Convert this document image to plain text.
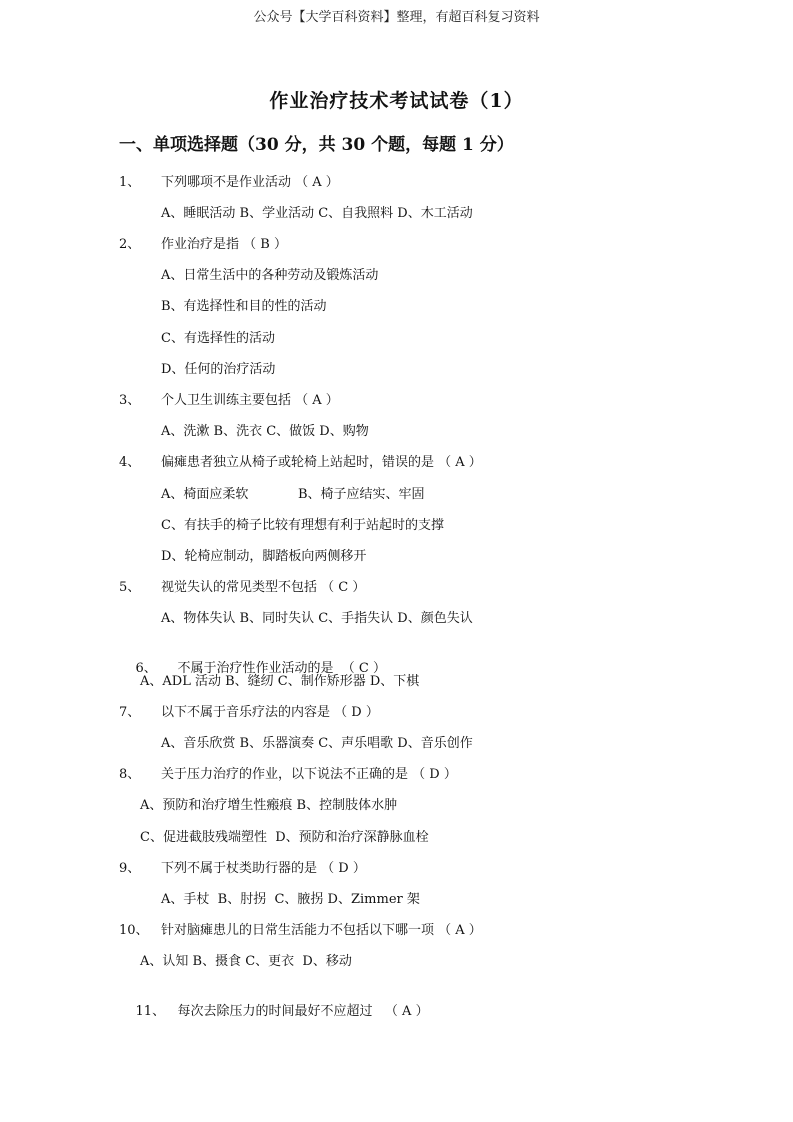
公众号【大学百科资料】整理，有超百科复习资料
作业治疗技术考试试卷（1）
一、单项选择题（30 分，共 30 个题，每题 1 分）
1、 下列哪项不是作业活动 （ A ）
A、睡眠活动 B、学业活动 C、自我照料 D、木工活动
2、 作业治疗是指 （ B ）
A、日常生活中的各种劳动及锻炼活动
B、有选择性和目的性的活动
C、有选择性的活动
D、任何的治疗活动
3、 个人卫生训练主要包括 （ A ）
A、洗漱 B、洗衣 C、做饭 D、购物
4、 偏瘫患者独立从椅子或轮椅上站起时，错误的是 （ A ）
A、椅面应柔软            B、椅子应结实、牢固
C、有扶手的椅子比较有理想有利于站起时的支撑
D、轮椅应制动，脚踏板向两侧移开
5、 视觉失认的常见类型不包括 （ C ）
A、物体失认 B、同时失认 C、手指失认 D、颜色失认

6、 不属于治疗性作业活动的是  （ C ）

A、ADL 活动 B、缝纫 C、制作矫形器 D、下棋
7、 以下不属于音乐疗法的内容是 （ D ）
A、音乐欣赏 B、乐器演奏 C、声乐唱歌 D、音乐创作
8、 关于压力治疗的作业，以下说法不正确的是 （ D ）
A、预防和治疗增生性瘢痕 B、控制肢体水肿
C、促进截肢残端塑性  D、预防和治疗深静脉血栓
9、 下列不属于杖类助行器的是 （ D ）
A、手杖  B、肘拐  C、腋拐 D、Zimmer 架
10、 针对脑瘫患儿的日常生活能力不包括以下哪一项 （ A ）
A、认知 B、摄食 C、更衣  D、移动

11、 每次去除压力的时间最好不应超过   （ A ）
